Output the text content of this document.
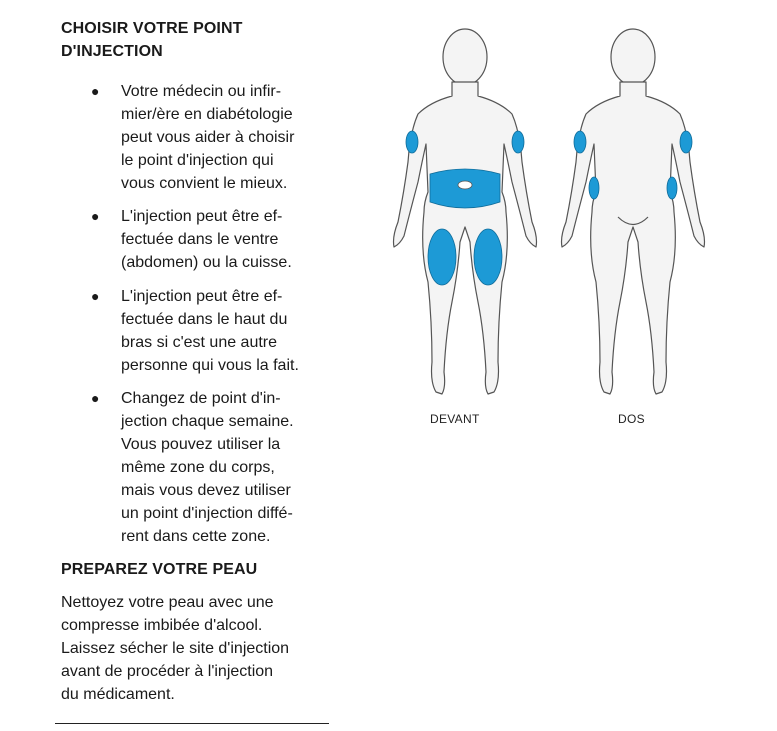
CHOISIR VOTRE POINT
D'INJECTION
● Votre médecin ou infir-
mier/ère en diabétologie
peut vous aider à choisir
le point d'injection qui
vous convient le mieux.
● L'injection peut être ef-
fectuée dans le ventre
(abdomen) ou la cuisse.
● L'injection peut être ef-
fectuée dans le haut du
bras si c'est une autre
personne qui vous la fait.
● Changez de point d'in-
jection chaque semaine.
Vous pouvez utiliser la
même zone du corps,
mais vous devez utiliser
un point d'injection diffé-
rent dans cette zone.
PREPAREZ VOTRE PEAU

Nettoyez votre peau avec une
compresse imbibée d'alcool.
Laissez sécher le site d'injection
avant de procéder à l'injection
du médicament.

DEVANT	DOS
